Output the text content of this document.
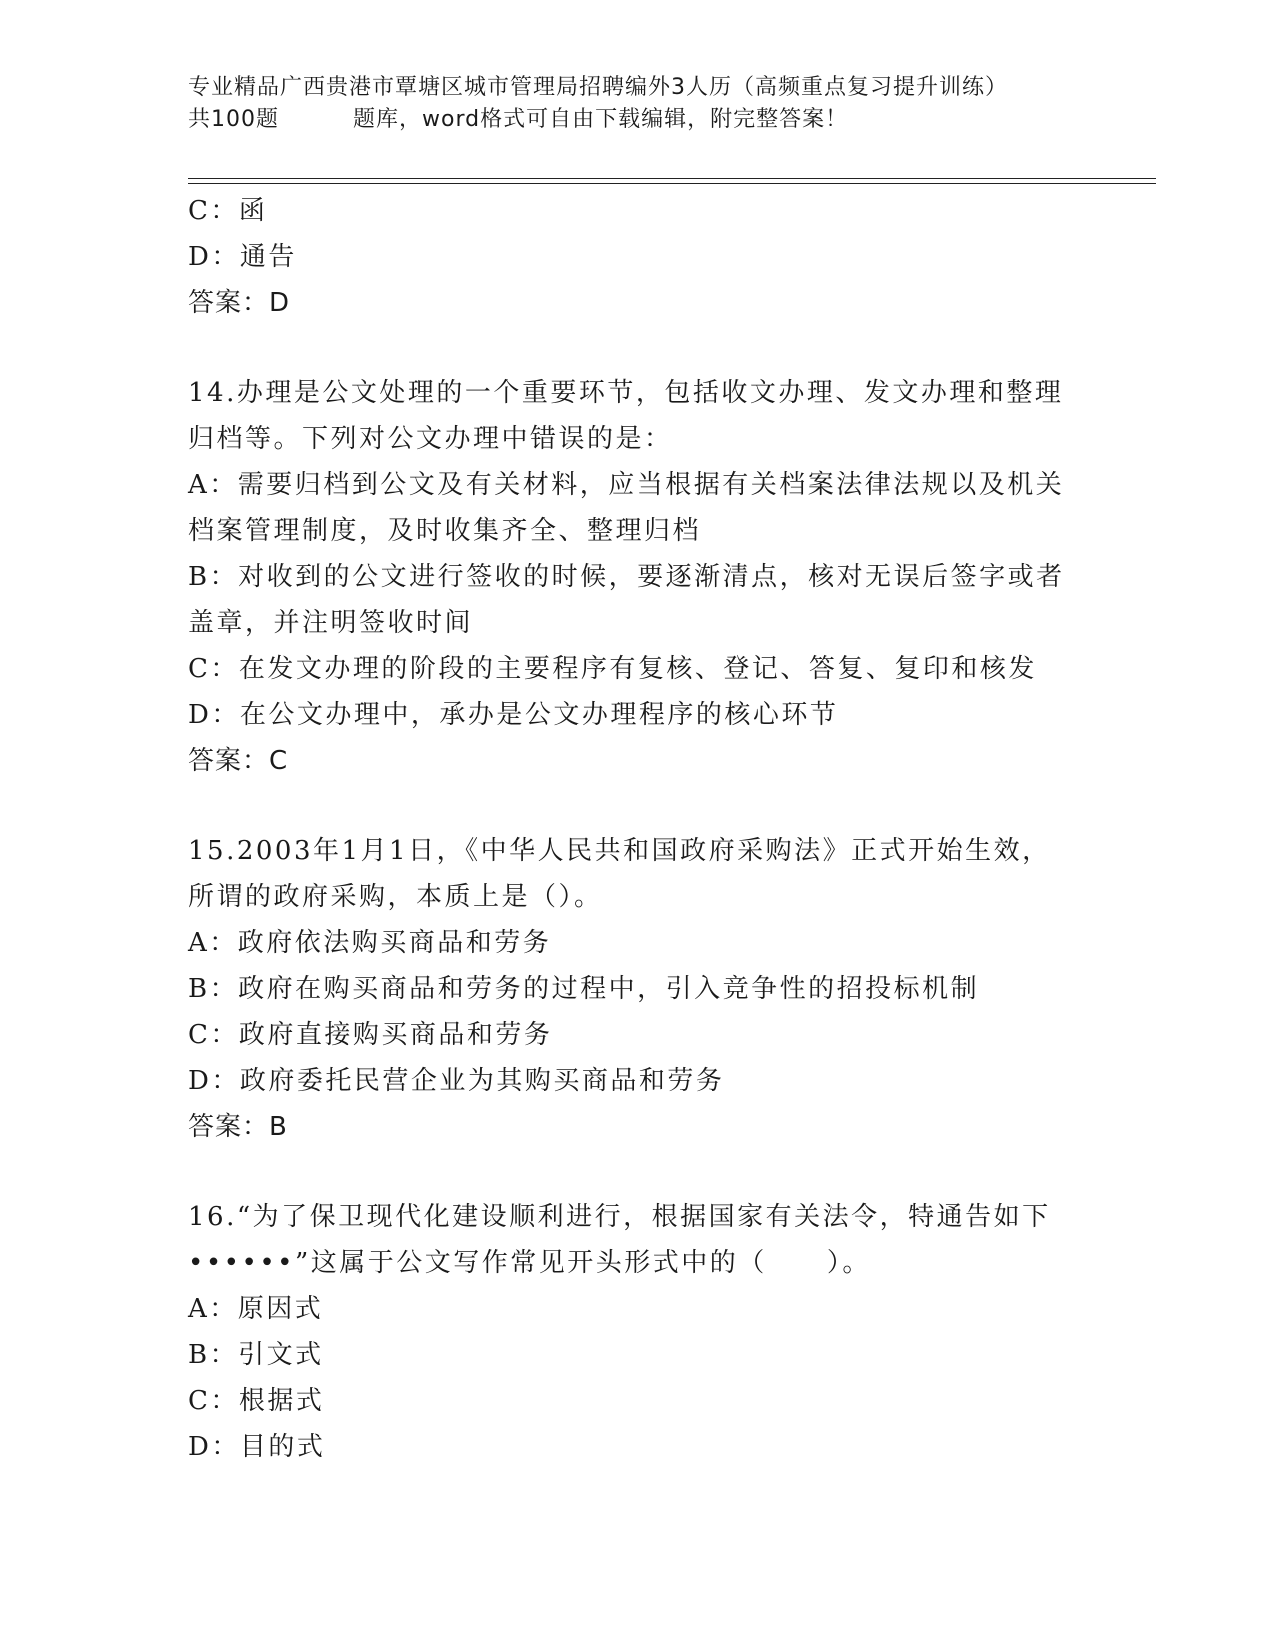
专业精品广西贵港市覃塘区城市管理局招聘编外3人历（高频重点复习提升训练）
共100题	题库，word格式可自由下载编辑，附完整答案！
C：函
D：通告
答案：D
14.办理是公文处理的一个重要环节，包括收文办理、发文办理和整理
归档等。下列对公文办理中错误的是：
A：需要归档到公文及有关材料，应当根据有关档案法律法规以及机关
档案管理制度，及时收集齐全、整理归档
B：对收到的公文进行签收的时候，要逐渐清点，核对无误后签字或者
盖章，并注明签收时间
C：在发文办理的阶段的主要程序有复核、登记、答复、复印和核发
D：在公文办理中，承办是公文办理程序的核心环节
答案：C
15.2003年1月1日，《中华人民共和国政府采购法》正式开始生效，
所谓的政府采购，本质上是（）。
A：政府依法购买商品和劳务
B：政府在购买商品和劳务的过程中，引入竞争性的招投标机制
C：政府直接购买商品和劳务
D：政府委托民营企业为其购买商品和劳务
答案：B
16.“为了保卫现代化建设顺利进行，根据国家有关法令，特通告如下
••••••”这属于公文写作常见开头形式中的（ ）。
A：原因式
B：引文式
C：根据式
D：目的式
